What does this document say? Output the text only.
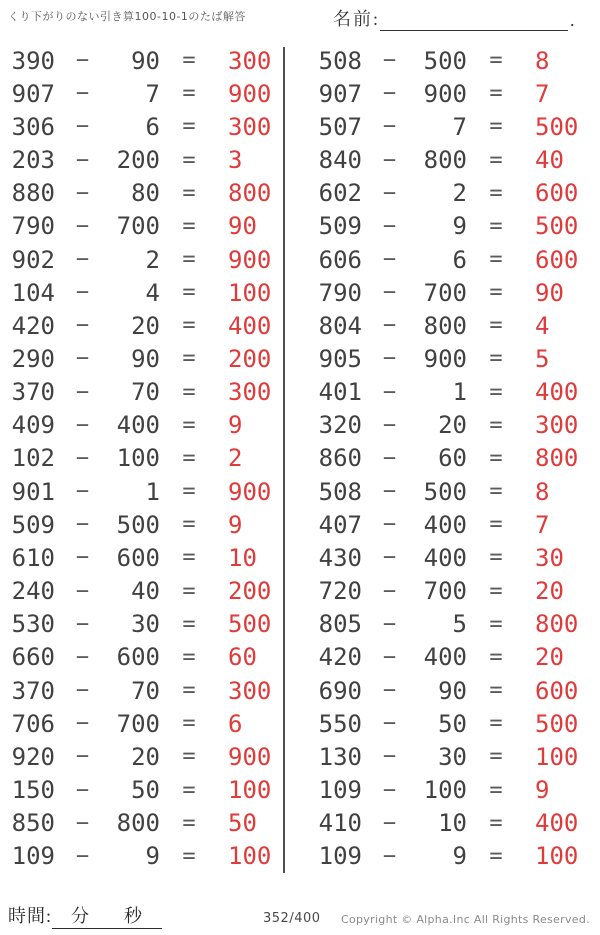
くり下がりのない引き算100-10-1のたば解答	名前:	.
390 −	90	=	300
907 −	7	=	900
306 −	6	=	300
203 −	200	=	3
880 −	80	=	800
790 −	700	=	90
902 −	2	=	900
104 −	4	=	100
420 −	20	=	400
290 −	90	=	200
370 −	70	=	300
409 −	400	=	9
102 −	100	=	2
901 −	1	=	900
509 −	500	=	9
610 −	600	=	10
240 −	40	=	200
530 −	30	=	500
660 −	600	=	60
370 −	70	=	300
706 −	700	=	6
920 −	20	=	900
150 −	50	=	100
850 −	800	=	50
109 −	9	=	100
508 −	500	=	8
907 −	900	=	7
507 −	7	=	500
840 −	800	=	40
602 −	2	=	600
509 −	9	=	500
606 −	6	=	600
790 −	700	=	90
804 −	800	=	4
905 −	900	=	5
401 −	1	=	400
320 −	20	=	300
860 −	60	=	800
508 −	500	=	8
407 −	400	=	7
430 −	400	=	30
720 −	700	=	20
805 −	5	=	800
420 −	400	=	20
690 −	90	=	600
550 −	50	=	500
130 −	30	=	100
109 −	100	=	9
410 −	10	=	400
109 −	9	=	100
時間: 分 秒	352/400 Copyright © Alpha.Inc All Rights Reserved.
